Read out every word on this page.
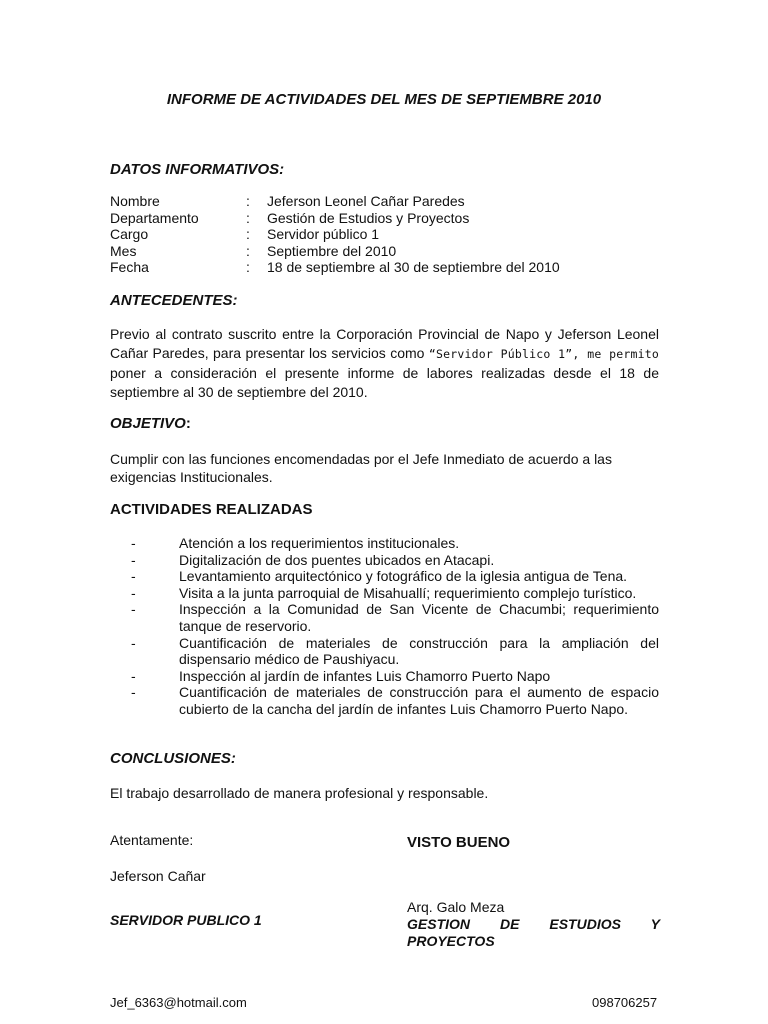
INFORME DE ACTIVIDADES DEL MES DE SEPTIEMBRE 2010
DATOS INFORMATIVOS:
Nombre	:	Jeferson Leonel Cañar Paredes
Departamento	:	Gestión de Estudios y Proyectos
Cargo	:	Servidor público 1
Mes	:	Septiembre del 2010
Fecha	:	18 de septiembre al 30 de septiembre del 2010
ANTECEDENTES:

Previo al contrato suscrito entre la Corporación Provincial de Napo y Jeferson Leonel Cañar Paredes, para presentar los servicios como “Servidor Público 1”, me permito poner a consideración el presente informe de labores realizadas desde el 18 de septiembre al 30 de septiembre del 2010.

OBJETIVO:

Cumplir con las funciones encomendadas por el Jefe Inmediato de acuerdo a las exigencias Institucionales.

ACTIVIDADES REALIZADAS
-	Atención a los requerimientos institucionales.
-	Digitalización de dos puentes ubicados en Atacapi.
-	Levantamiento arquitectónico y fotográfico de la iglesia antigua de Tena.
-	Visita a la junta parroquial de Misahuallí; requerimiento complejo turístico.
-	Inspección a la Comunidad de San Vicente de Chacumbi; requerimiento tanque de reservorio.
-	Cuantificación de materiales de construcción para la ampliación del dispensario médico de Paushiyacu.
-	Inspección al jardín de infantes Luis Chamorro Puerto Napo
-	Cuantificación de materiales de construcción para el aumento de espacio cubierto de la cancha del jardín de infantes Luis Chamorro Puerto Napo.
CONCLUSIONES:

El trabajo desarrollado de manera profesional y responsable.

Atentamente:	VISTO BUENO

Jeferson Cañar

SERVIDOR PUBLICO 1

Arq. Galo Meza

GESTION DE ESTUDIOS Y PROYECTOS

Jef_6363@hotmail.com	098706257
